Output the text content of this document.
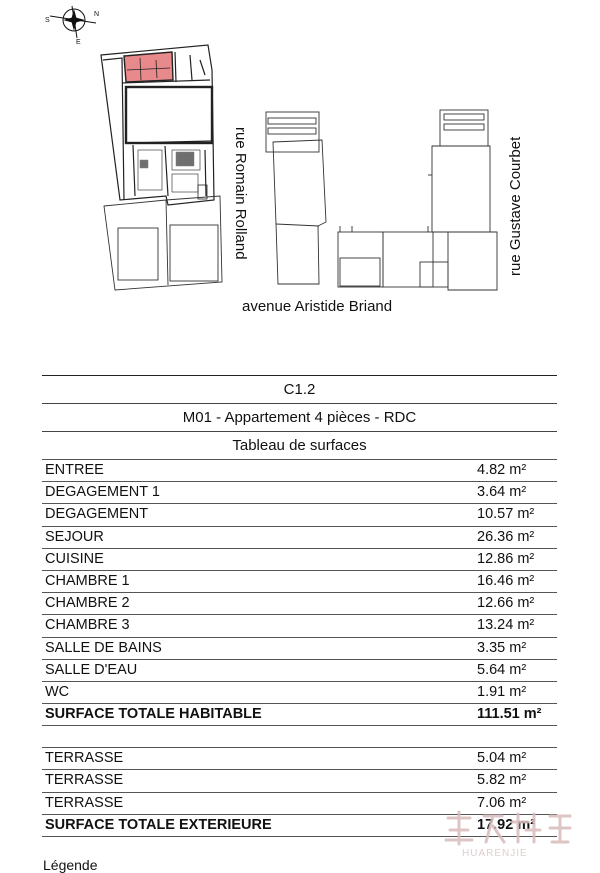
N
S
E
rue Romain Rolland
avenue Aristide Briand
rue Gustave Courbet
C1.2
M01 - Appartement 4 pièces - RDC
Tableau de surfaces
ENTREE	4.82 m²
DEGAGEMENT 1	3.64 m²
DEGAGEMENT	10.57 m²
SEJOUR	26.36 m²
CUISINE	12.86 m²
CHAMBRE 1	16.46 m²
CHAMBRE 2	12.66 m²
CHAMBRE 3	13.24 m²
SALLE DE BAINS	3.35 m²
SALLE D'EAU	5.64 m²
WC	1.91 m²
SURFACE TOTALE HABITABLE	111.51 m²
TERRASSE	5.04 m²
TERRASSE	5.82 m²
TERRASSE	7.06 m²
SURFACE TOTALE EXTERIEURE	17.92 m²
HUARENJIE
Légende
